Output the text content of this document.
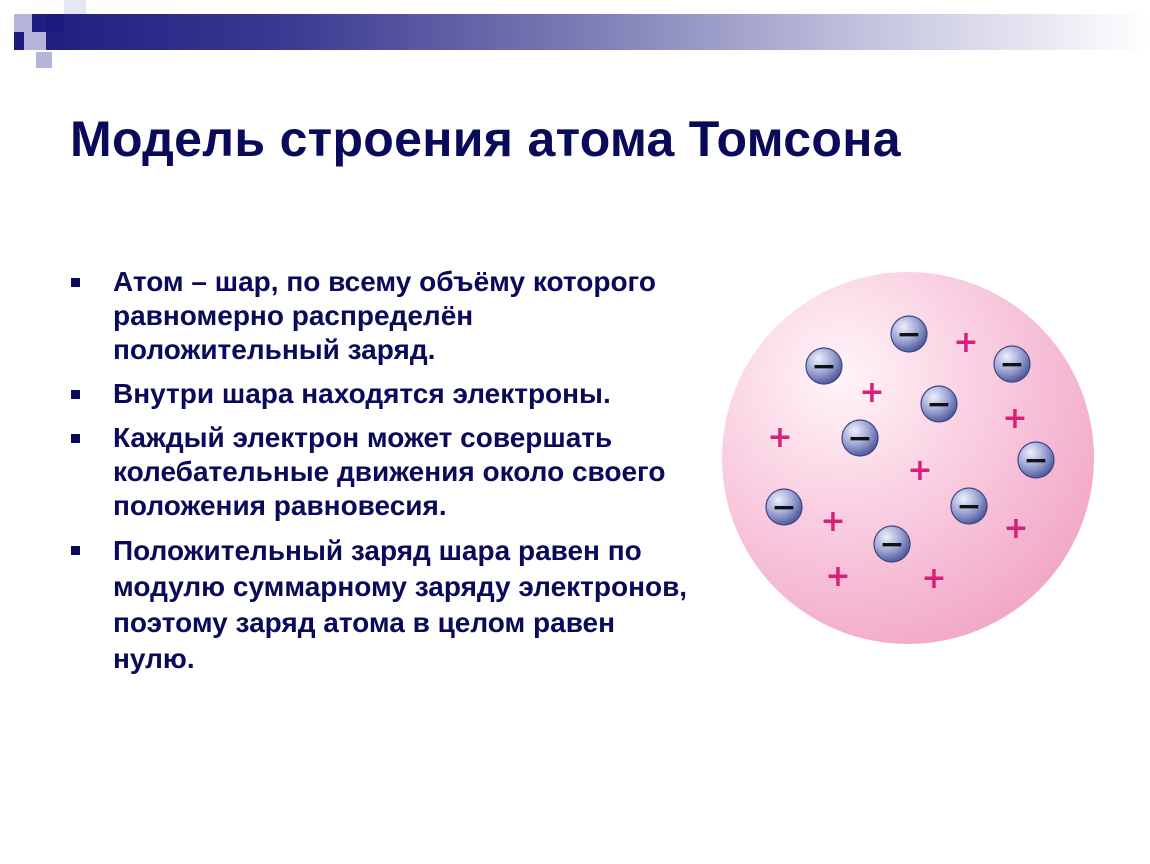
Модель строения атома Томсона
Атом – шар, по всему объёму которого равномерно распределён положительный заряд.
Внутри шара находятся электроны.
Каждый электрон может совершать колебательные движения около своего положения равновесия.
Положительный заряд шара равен по модулю суммарному заряду электронов, поэтому заряд атома в целом равен нулю.
−
−	−
−
−
−
−	−
−
+
+
+
+
+
+	+
+ +
